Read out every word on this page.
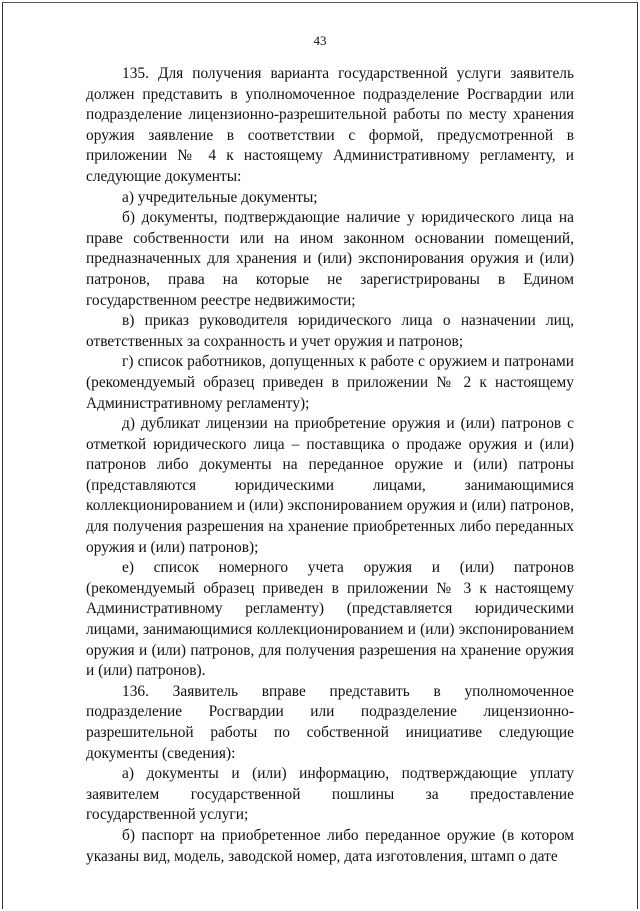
43

135. Для получения варианта государственной услуги заявитель должен представить в уполномоченное подразделение Росгвардии или подразделение лицензионно-разрешительной работы по месту хранения оружия заявление в соответствии с формой, предусмотренной в приложении № 4 к настоящему Административному регламенту, и следующие документы:

а) учредительные документы;

б) документы, подтверждающие наличие у юридического лица на праве собственности или на ином законном основании помещений, предназначенных для хранения и (или) экспонирования оружия и (или) патронов, права на которые не зарегистрированы в Едином государственном реестре недвижимости;

в) приказ руководителя юридического лица о назначении лиц, ответственных за сохранность и учет оружия и патронов;

г) список работников, допущенных к работе с оружием и патронами (рекомендуемый образец приведен в приложении № 2 к настоящему Административному регламенту);

д) дубликат лицензии на приобретение оружия и (или) патронов с отметкой юридического лица – поставщика о продаже оружия и (или) патронов либо документы на переданное оружие и (или) патроны (представляются юридическими лицами, занимающимися коллекционированием и (или) экспонированием оружия и (или) патронов, для получения разрешения на хранение приобретенных либо переданных оружия и (или) патронов);

е) список номерного учета оружия и (или) патронов (рекомендуемый образец приведен в приложении № 3 к настоящему Административному регламенту) (представляется юридическими лицами, занимающимися коллекционированием и (или) экспонированием оружия и (или) патронов, для получения разрешения на хранение оружия и (или) патронов).

136. Заявитель вправе представить в уполномоченное подразделение Росгвардии или подразделение лицензионно-разрешительной работы по собственной инициативе следующие документы (сведения):

а) документы и (или) информацию, подтверждающие уплату заявителем государственной пошлины за предоставление государственной услуги;

б) паспорт на приобретенное либо переданное оружие (в котором указаны вид, модель, заводской номер, дата изготовления, штамп о дате
